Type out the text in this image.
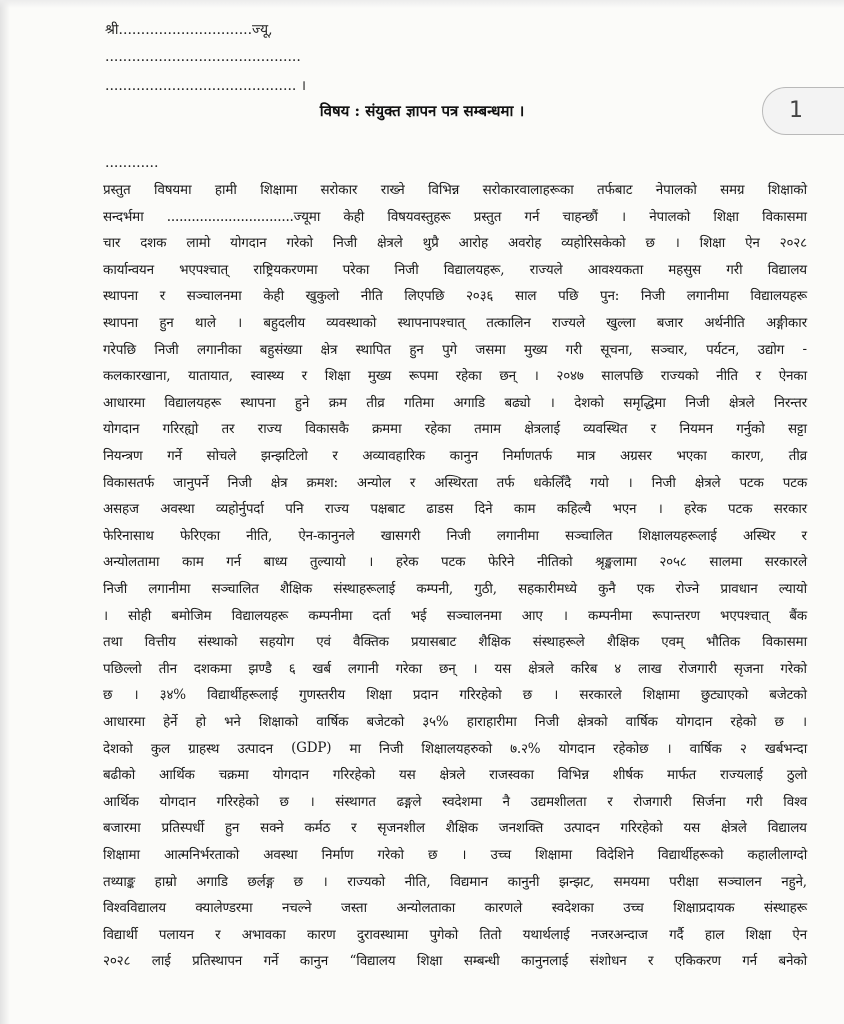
श्री..............................ज्यू,
............................................
........................................... ।
विषय : संयुक्त ज्ञापन पत्र सम्बन्धमा ।	1
............
प्रस्तुत विषयमा हामी शिक्षामा सरोकार राख्ने विभिन्न सरोकारवालाहरूका तर्फबाट नेपालको समग्र शिक्षाको
सन्दर्भमा ...............................ज्यूमा केही विषयवस्तुहरू प्रस्तुत गर्न चाहन्छौं । नेपालको शिक्षा विकासमा
चार दशक लामो योगदान गरेको निजी क्षेत्रले थुप्रै आरोह अवरोह व्यहोरिसकेको छ । शिक्षा ऐन २०२८
कार्यान्वयन भएपश्चात् राष्ट्रियकरणमा परेका निजी विद्यालयहरू, राज्यले आवश्यकता महसुस गरी विद्यालय
स्थापना र सञ्चालनमा केही खुकुलो नीति लिएपछि २०३६ साल पछि पुन: निजी लगानीमा विद्यालयहरू
स्थापना हुन थाले । बहुदलीय व्यवस्थाको स्थापनापश्चात् तत्कालिन राज्यले खुल्ला बजार अर्थनीति अङ्गीकार
गरेपछि निजी लगानीका बहुसंख्या क्षेत्र स्थापित हुन पुगे जसमा मुख्य गरी सूचना, सञ्चार, पर्यटन, उद्योग -
कलकारखाना, यातायात, स्वास्थ्य र शिक्षा मुख्य रूपमा रहेका छन् । २०४७ सालपछि राज्यको नीति र ऐनका
आधारमा विद्यालयहरू स्थापना हुने क्रम तीव्र गतिमा अगाडि बढ्यो । देशको समृद्धिमा निजी क्षेत्रले निरन्तर
योगदान गरिरह्यो तर राज्य विकासकै क्रममा रहेका तमाम क्षेत्रलाई व्यवस्थित र नियमन गर्नुको सट्टा
नियन्त्रण गर्ने सोचले झन्झटिलो र अव्यावहारिक कानुन निर्माणतर्फ मात्र अग्रसर भएका कारण, तीव्र
विकासतर्फ जानुपर्ने निजी क्षेत्र क्रमश: अन्योल र अस्थिरता तर्फ धकेलिँदै गयो । निजी क्षेत्रले पटक पटक
असहज अवस्था व्यहोर्नुपर्दा पनि राज्य पक्षबाट ढाडस दिने काम कहिल्यै भएन । हरेक पटक सरकार
फेरिनासाथ फेरिएका नीति, ऐन-कानुनले खासगरी निजी लगानीमा सञ्चालित शिक्षालयहरूलाई अस्थिर र
अन्योलतामा काम गर्न बाध्य तुल्यायो । हरेक पटक फेरिने नीतिको श्रृङ्खलामा २०५८ सालमा सरकारले
निजी लगानीमा सञ्चालित शैक्षिक संस्थाहरूलाई कम्पनी, गुठी, सहकारीमध्ये कुनै एक रोज्ने प्रावधान ल्यायो
। सोही बमोजिम विद्यालयहरू कम्पनीमा दर्ता भई सञ्चालनमा आए । कम्पनीमा रूपान्तरण भएपश्चात् बैंक
तथा वित्तीय संस्थाको सहयोग एवं वैक्तिक प्रयासबाट शैक्षिक संस्थाहरूले शैक्षिक एवम् भौतिक विकासमा
पछिल्लो तीन दशकमा झण्डै ६ खर्ब लगानी गरेका छन् । यस क्षेत्रले करिब ४ लाख रोजगारी सृजना गरेको
छ । ३४% विद्यार्थीहरूलाई गुणस्तरीय शिक्षा प्रदान गरिरहेको छ । सरकारले शिक्षामा छुट्याएको बजेटको
आधारमा हेर्ने हो भने शिक्षाको वार्षिक बजेटको ३५% हाराहारीमा निजी क्षेत्रको वार्षिक योगदान रहेको छ ।
देशको कुल ग्राहस्थ उत्पादन (GDP) मा निजी शिक्षालयहरुको ७.२% योगदान रहेकोछ । वार्षिक २ खर्बभन्दा
बढीको आर्थिक चक्रमा योगदान गरिरहेको यस क्षेत्रले राजस्वका विभिन्न शीर्षक मार्फत राज्यलाई ठुलो
आर्थिक योगदान गरिरहेको छ । संस्थागत ढङ्गले स्वदेशमा नै उद्यमशीलता र रोजगारी सिर्जना गरी विश्व
बजारमा प्रतिस्पर्धी हुन सक्ने कर्मठ र सृजनशील शैक्षिक जनशक्ति उत्पादन गरिरहेको यस क्षेत्रले विद्यालय
शिक्षामा आत्मनिर्भरताको अवस्था निर्माण गरेको छ । उच्च शिक्षामा विदेशिने विद्यार्थीहरूको कहालीलाग्दो
तथ्याङ्क हाम्रो अगाडि छर्लङ्ग छ । राज्यको नीति, विद्यमान कानुनी झन्झट, समयमा परीक्षा सञ्चालन नहुने,
विश्वविद्यालय क्यालेण्डरमा नचल्ने जस्ता अन्योलताका कारणले स्वदेशका उच्च शिक्षाप्रदायक संस्थाहरू
विद्यार्थी पलायन र अभावका कारण दुरावस्थामा पुगेको तितो यथार्थलाई नजरअन्दाज गर्दै हाल शिक्षा ऐन
२०२८ लाई प्रतिस्थापन गर्ने कानुन “विद्यालय शिक्षा सम्बन्धी कानुनलाई संशोधन र एकिकरण गर्न बनेको
